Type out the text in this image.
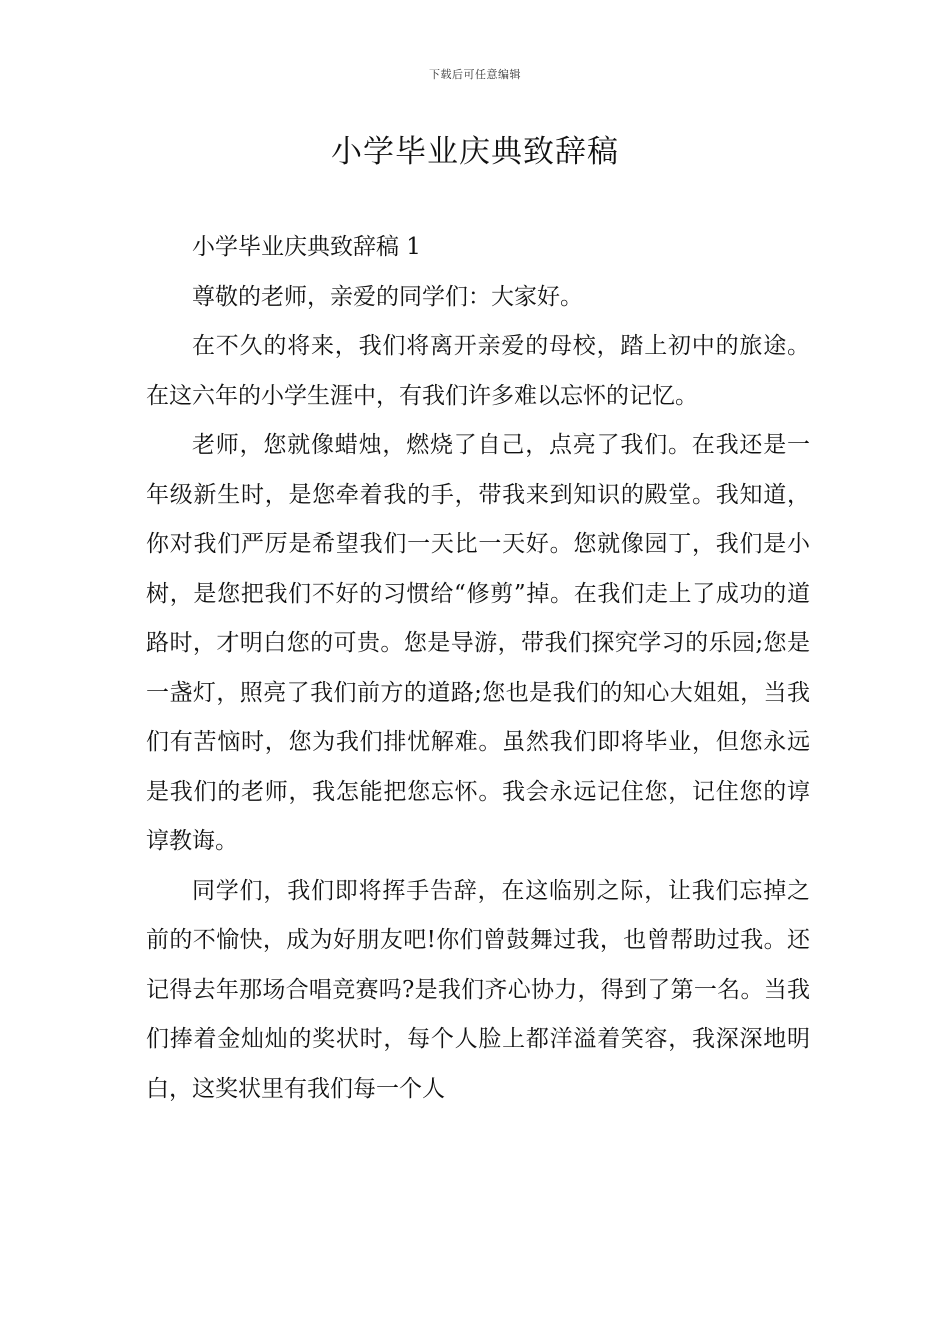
下载后可任意编辑
小学毕业庆典致辞稿

小学毕业庆典致辞稿 1

尊敬的老师，亲爱的同学们：大家好。

在不久的将来，我们将离开亲爱的母校，踏上初中的旅途。在这六年的小学生涯中，有我们许多难以忘怀的记忆。

老师，您就像蜡烛，燃烧了自己，点亮了我们。在我还是一年级新生时，是您牵着我的手，带我来到知识的殿堂。我知道，你对我们严厉是希望我们一天比一天好。您就像园丁，我们是小树，是您把我们不好的习惯给“修剪”掉。在我们走上了成功的道路时，才明白您的可贵。您是导游，带我们探究学习的乐园;您是一盏灯，照亮了我们前方的道路;您也是我们的知心大姐姐，当我们有苦恼时，您为我们排忧解难。虽然我们即将毕业，但您永远是我们的老师，我怎能把您忘怀。我会永远记住您，记住您的谆谆教诲。

同学们，我们即将挥手告辞，在这临别之际，让我们忘掉之前的不愉快，成为好朋友吧!你们曾鼓舞过我，也曾帮助过我。还记得去年那场合唱竞赛吗?是我们齐心协力，得到了第一名。当我们捧着金灿灿的奖状时，每个人脸上都洋溢着笑容，我深深地明白，这奖状里有我们每一个人
